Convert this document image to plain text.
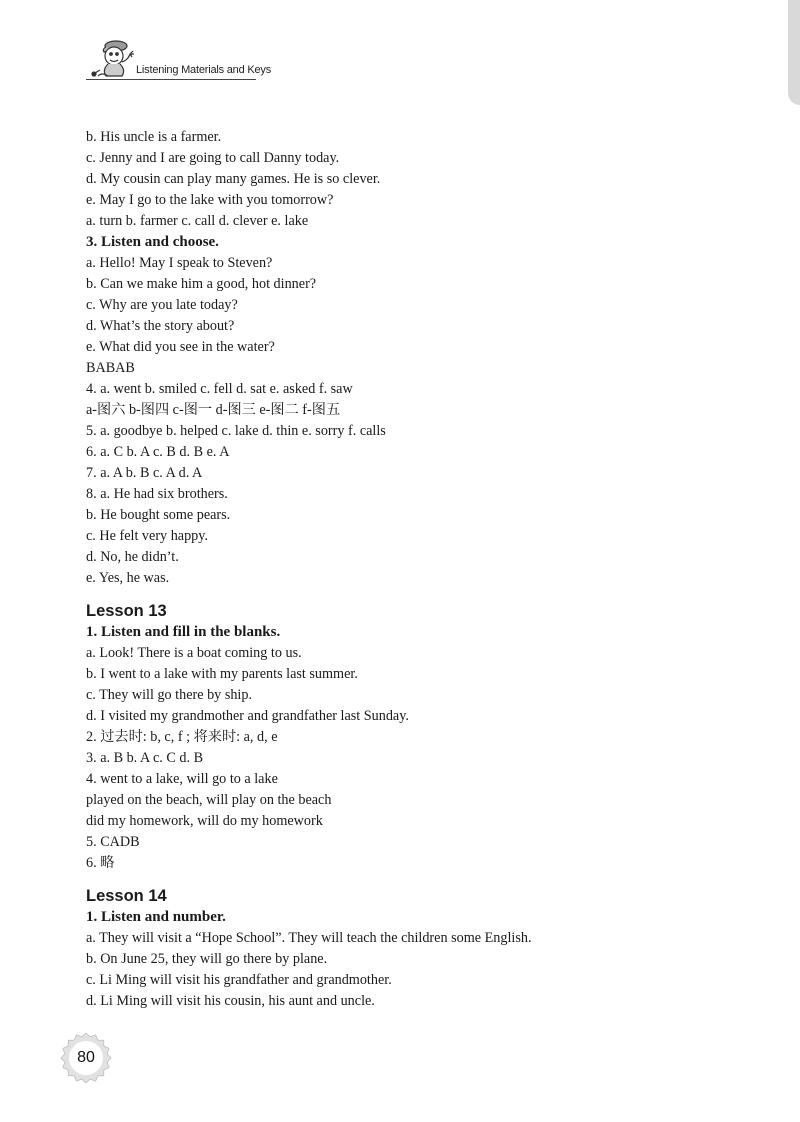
Listening Materials and Keys
b. His uncle is a farmer.
c. Jenny and I are going to call Danny today.
d. My cousin can play many games. He is so clever.
e. May I go to the lake with you tomorrow?
a. turn b. farmer c. call d. clever e. lake
3. Listen and choose.
a. Hello! May I speak to Steven?
b. Can we make him a good, hot dinner?
c. Why are you late today?
d. What’s the story about?
e. What did you see in the water?
BABAB
4. a. went b. smiled c. fell d. sat e. asked f. saw
a-图六 b-图四 c-图一 d-图三 e-图二 f-图五
5. a. goodbye b. helped c. lake d. thin e. sorry f. calls
6. a. C b. A c. B d. B e. A
7. a. A b. B c. A d. A
8. a. He had six brothers.
b. He bought some pears.
c. He felt very happy.
d. No, he didn’t.
e. Yes, he was.
Lesson 13
1. Listen and fill in the blanks.
a. Look! There is a boat coming to us.
b. I went to a lake with my parents last summer.
c. They will go there by ship.
d. I visited my grandmother and grandfather last Sunday.
2. 过去时: b, c, f ; 将来时: a, d, e
3. a. B b. A c. C d. B
4. went to a lake, will go to a lake
played on the beach, will play on the beach
did my homework, will do my homework
5. CADB
6. 略
Lesson 14
1. Listen and number.
a. They will visit a “Hope School”. They will teach the children some English.
b. On June 25, they will go there by plane.
c. Li Ming will visit his grandfather and grandmother.
d. Li Ming will visit his cousin, his aunt and uncle.
80
